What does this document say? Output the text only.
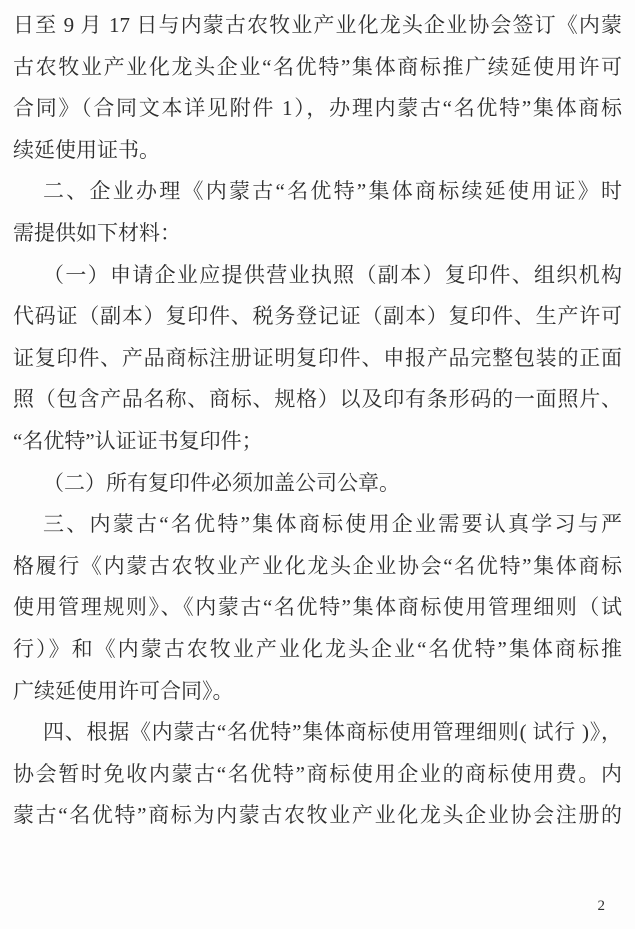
日至 9 月 17 日与内蒙古农牧业产业化龙头企业协会签订《内蒙
古农牧业产业化龙头企业“名优特”集体商标推广续延使用许可
合同》（合同文本详见附件 1），办理内蒙古“名优特”集体商标
续延使用证书。
二、企业办理《内蒙古“名优特”集体商标续延使用证》时
需提供如下材料：
（一）申请企业应提供营业执照（副本）复印件、组织机构
代码证（副本）复印件、税务登记证（副本）复印件、生产许可
证复印件、产品商标注册证明复印件、申报产品完整包装的正面
照（包含产品名称、商标、规格）以及印有条形码的一面照片、
“名优特”认证证书复印件；
（二）所有复印件必须加盖公司公章。
三、内蒙古“名优特”集体商标使用企业需要认真学习与严
格履行《内蒙古农牧业产业化龙头企业协会“名优特”集体商标
使用管理规则》、《内蒙古“名优特”集体商标使用管理细则（试
行）》和《内蒙古农牧业产业化龙头企业“名优特”集体商标推
广续延使用许可合同》。
四、根据《内蒙古“名优特”集体商标使用管理细则( 试行 )》，
协会暂时免收内蒙古“名优特”商标使用企业的商标使用费。内
蒙古“名优特”商标为内蒙古农牧业产业化龙头企业协会注册的
2
